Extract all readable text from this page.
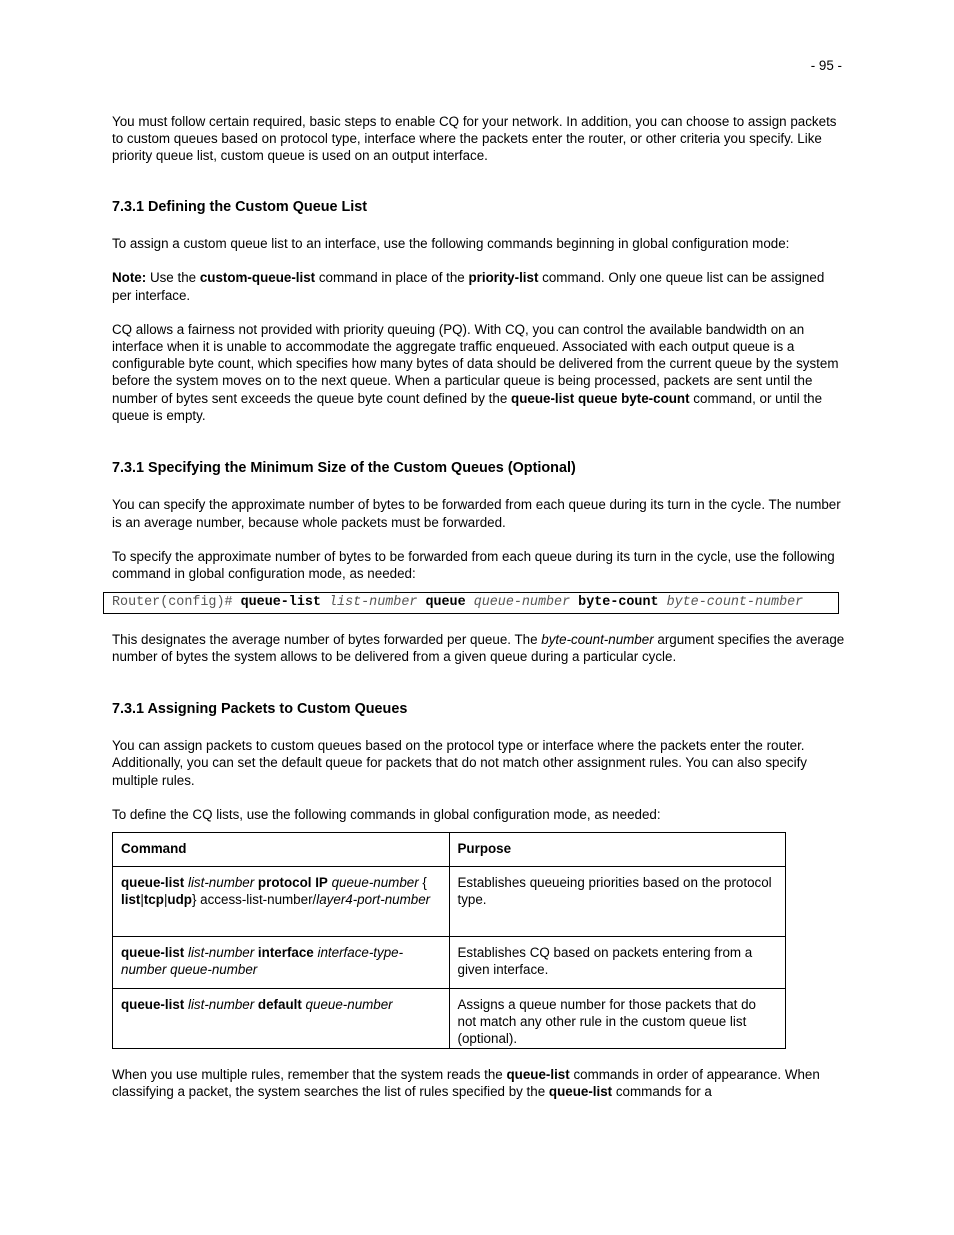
- 95 -

You must follow certain required, basic steps to enable CQ for your network. In addition, you can choose to assign packets to custom queues based on protocol type, interface where the packets enter the router, or other criteria you specify. Like priority queue list, custom queue is used on an output interface.

7.3.1 Defining the Custom Queue List

To assign a custom queue list to an interface, use the following commands beginning in global configuration mode:

Note: Use the custom-queue-list command in place of the priority-list command. Only one queue list can be assigned per interface.

CQ allows a fairness not provided with priority queuing (PQ). With CQ, you can control the available bandwidth on an interface when it is unable to accommodate the aggregate traffic enqueued. Associated with each output queue is a configurable byte count, which specifies how many bytes of data should be delivered from the current queue by the system before the system moves on to the next queue. When a particular queue is being processed, packets are sent until the number of bytes sent exceeds the queue byte count defined by the queue-list queue byte-count command, or until the queue is empty.

7.3.1 Specifying the Minimum Size of the Custom Queues (Optional)

You can specify the approximate number of bytes to be forwarded from each queue during its turn in the cycle. The number is an average number, because whole packets must be forwarded.

To specify the approximate number of bytes to be forwarded from each queue during its turn in the cycle, use the following command in global configuration mode, as needed:

Router(config)# queue-list list-number queue queue-number byte-count byte-count-number

This designates the average number of bytes forwarded per queue. The byte-count-number argument specifies the average number of bytes the system allows to be delivered from a given queue during a particular cycle.

7.3.1 Assigning Packets to Custom Queues

You can assign packets to custom queues based on the protocol type or interface where the packets enter the router. Additionally, you can set the default queue for packets that do not match other assignment rules. You can also specify multiple rules.

To define the CQ lists, use the following commands in global configuration mode, as needed:

Command	Purpose
queue-list list-number protocol IP queue-number { list|tcp|udp} access-list-number/layer4-port-number	Establishes queueing priorities based on the protocol type.
queue-list list-number interface interface-type-number queue-number	Establishes CQ based on packets entering from a given interface.
queue-list list-number default queue-number	Assigns a queue number for those packets that do not match any other rule in the custom queue list (optional).

When you use multiple rules, remember that the system reads the queue-list commands in order of appearance. When classifying a packet, the system searches the list of rules specified by the queue-list commands for a
